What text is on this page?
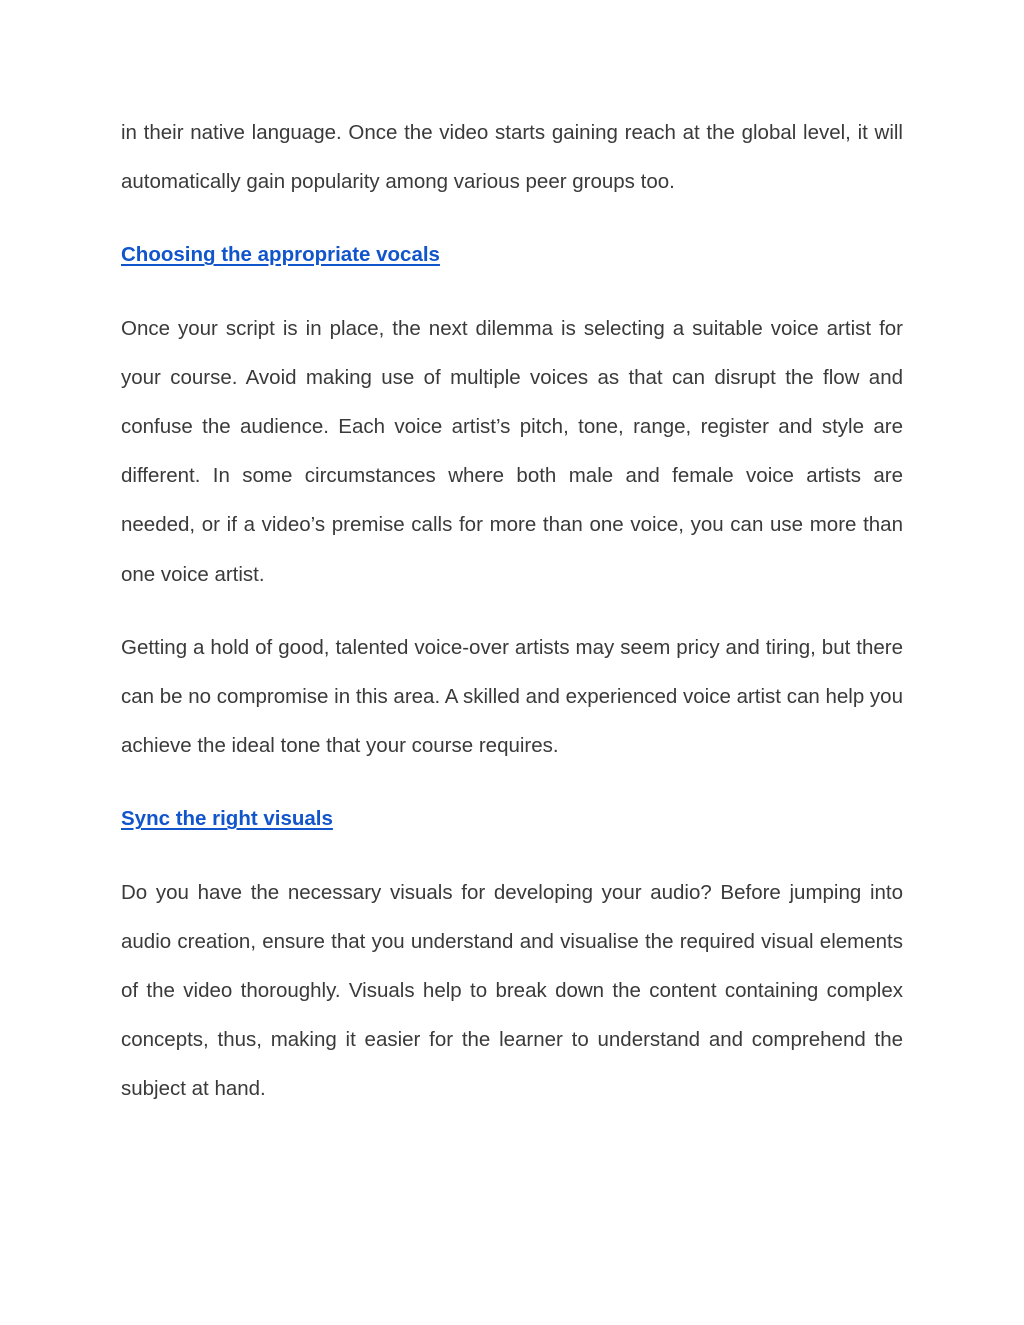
in their native language. Once the video starts gaining reach at the global level, it will automatically gain popularity among various peer groups too.

Choosing the appropriate vocals

Once your script is in place, the next dilemma is selecting a suitable voice artist for your course. Avoid making use of multiple voices as that can disrupt the flow and confuse the audience. Each voice artist’s pitch, tone, range, register and style are different. In some circumstances where both male and female voice artists are needed, or if a video’s premise calls for more than one voice, you can use more than one voice artist.

Getting a hold of good, talented voice-over artists may seem pricy and tiring, but there can be no compromise in this area. A skilled and experienced voice artist can help you achieve the ideal tone that your course requires.

Sync the right visuals

Do you have the necessary visuals for developing your audio? Before jumping into audio creation, ensure that you understand and visualise the required visual elements of the video thoroughly. Visuals help to break down the content containing complex concepts, thus, making it easier for the learner to understand and comprehend the subject at hand.
